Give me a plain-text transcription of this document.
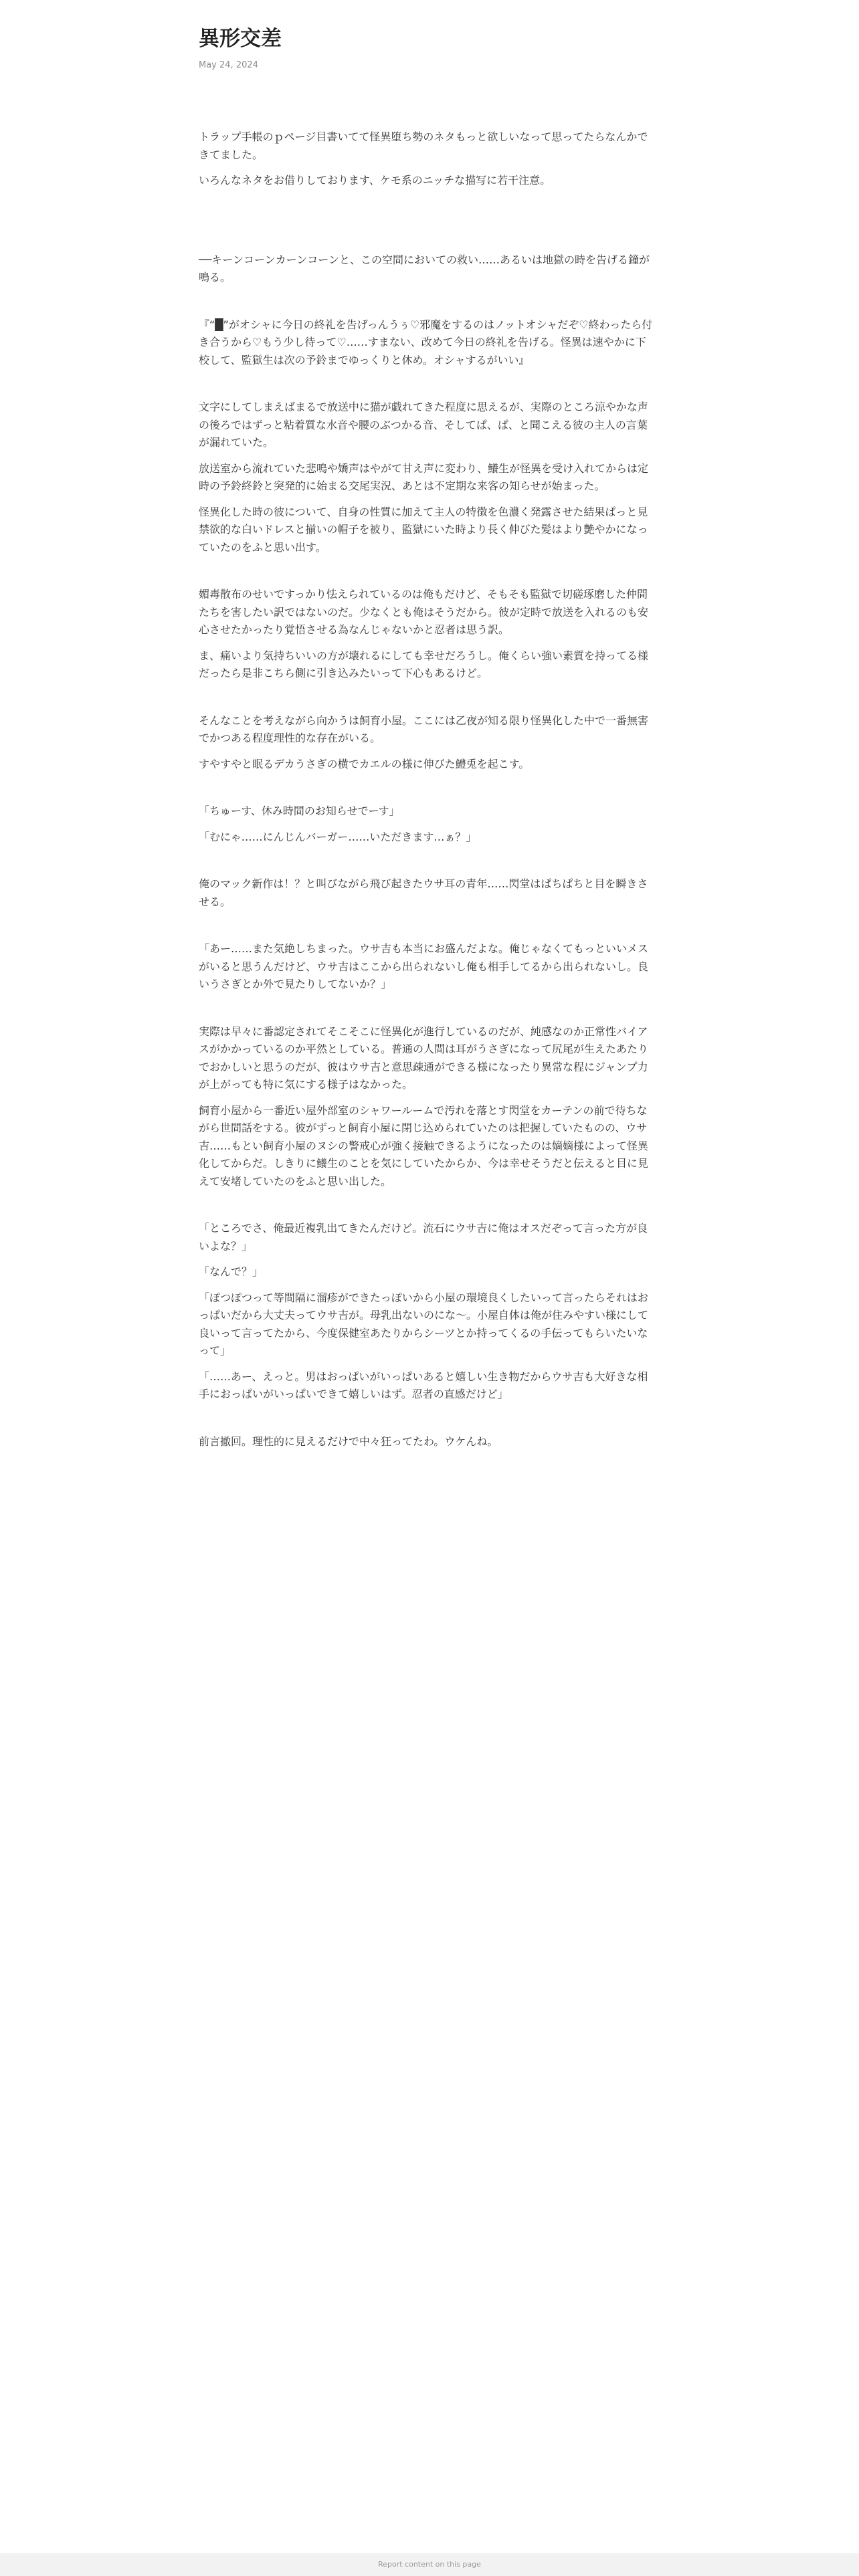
異形交差
May 24, 2024

トラップ手帳のｐページ目書いてて怪異堕ち勢のネタもっと欲しいなって思ってたらなんかできてました。

いろんなネタをお借りしております、ケモ系のニッチな描写に若干注意。

──キーンコーンカーンコーンと、この空間においての救い……あるいは地獄の時を告げる鐘が鳴る。

『“█”がオシャに今日の終礼を告げっんうぅ♡邪魔をするのはノットオシャだぞ♡終わったら付き合うから♡もう少し待って♡……すまない、改めて今日の終礼を告げる。怪異は速やかに下校して、監獄生は次の予鈴までゆっくりと休め。オシャするがいい』

文字にしてしまえばまるで放送中に猫が戯れてきた程度に思えるが、実際のところ涼やかな声の後ろではずっと粘着質な水音や腰のぶつかる音、そしてぱ、ぱ、と聞こえる彼の主人の言葉が漏れていた。

放送室から流れていた悲鳴や嬌声はやがて甘え声に変わり、鱶生が怪異を受け入れてからは定時の予鈴終鈴と突発的に始まる交尾実況、あとは不定期な来客の知らせが始まった。

怪異化した時の彼について、自身の性質に加えて主人の特徴を色濃く発露させた結果ぱっと見禁欲的な白いドレスと揃いの帽子を被り、監獄にいた時より長く伸びた髪はより艶やかになっていたのをふと思い出す。

媚毒散布のせいですっかり怯えられているのは俺もだけど、そもそも監獄で切磋琢磨した仲間たちを害したい訳ではないのだ。少なくとも俺はそうだから。彼が定時で放送を入れるのも安心させたかったり覚悟させる為なんじゃないかと忍者は思う訳。

ま、痛いより気持ちいいの方が壊れるにしても幸せだろうし。俺くらい強い素質を持ってる様だったら是非こちら側に引き込みたいって下心もあるけど。

そんなことを考えながら向かうは飼育小屋。ここには乙夜が知る限り怪異化した中で一番無害でかつある程度理性的な存在がいる。

すやすやと眠るデカうさぎの横でカエルの様に伸びた鱧兎を起こす。

「ちゅーす、休み時間のお知らせでーす」

「むにゃ……にんじんバーガー……いただきます…ぁ？」

俺のマック新作は！？と叫びながら飛び起きたウサ耳の青年……閃堂はぱちぱちと目を瞬きさせる。

「あー……また気絶しちまった。ウサ吉も本当にお盛んだよな。俺じゃなくてもっといいメスがいると思うんだけど、ウサ吉はここから出られないし俺も相手してるから出られないし。良いうさぎとか外で見たりしてないか？」

実際は早々に番認定されてそこそこに怪異化が進行しているのだが、純感なのか正常性バイアスがかかっているのか平然としている。普通の人間は耳がうさぎになって尻尾が生えたあたりでおかしいと思うのだが、彼はウサ吉と意思疎通ができる様になったり異常な程にジャンプ力が上がっても特に気にする様子はなかった。

飼育小屋から一番近い屋外部室のシャワールームで汚れを落とす閃堂をカーテンの前で待ちながら世間話をする。彼がずっと飼育小屋に閉じ込められていたのは把握していたものの、ウサ吉……もとい飼育小屋のヌシの警戒心が強く接触できるようになったのは嫡嫡様によって怪異化してからだ。しきりに鱶生のことを気にしていたからか、今は幸せそうだと伝えると目に見えて安堵していたのをふと思い出した。

「ところでさ、俺最近複乳出てきたんだけど。流石にウサ吉に俺はオスだぞって言った方が良いよな？」

「なんで？」

「ぽつぽつって等間隔に溜疹ができたっぽいから小屋の環境良くしたいって言ったらそれはおっぱいだから大丈夫ってウサ吉が。母乳出ないのにな〜。小屋自体は俺が住みやすい様にして良いって言ってたから、今度保健室あたりからシーツとか持ってくるの手伝ってもらいたいなって」

「……あー、えっと。男はおっぱいがいっぱいあると嬉しい生き物だからウサ吉も大好きな相手におっぱいがいっぱいできて嬉しいはず。忍者の直感だけど」

前言撤回。理性的に見えるだけで中々狂ってたわ。ウケんね。

Report content on this page
